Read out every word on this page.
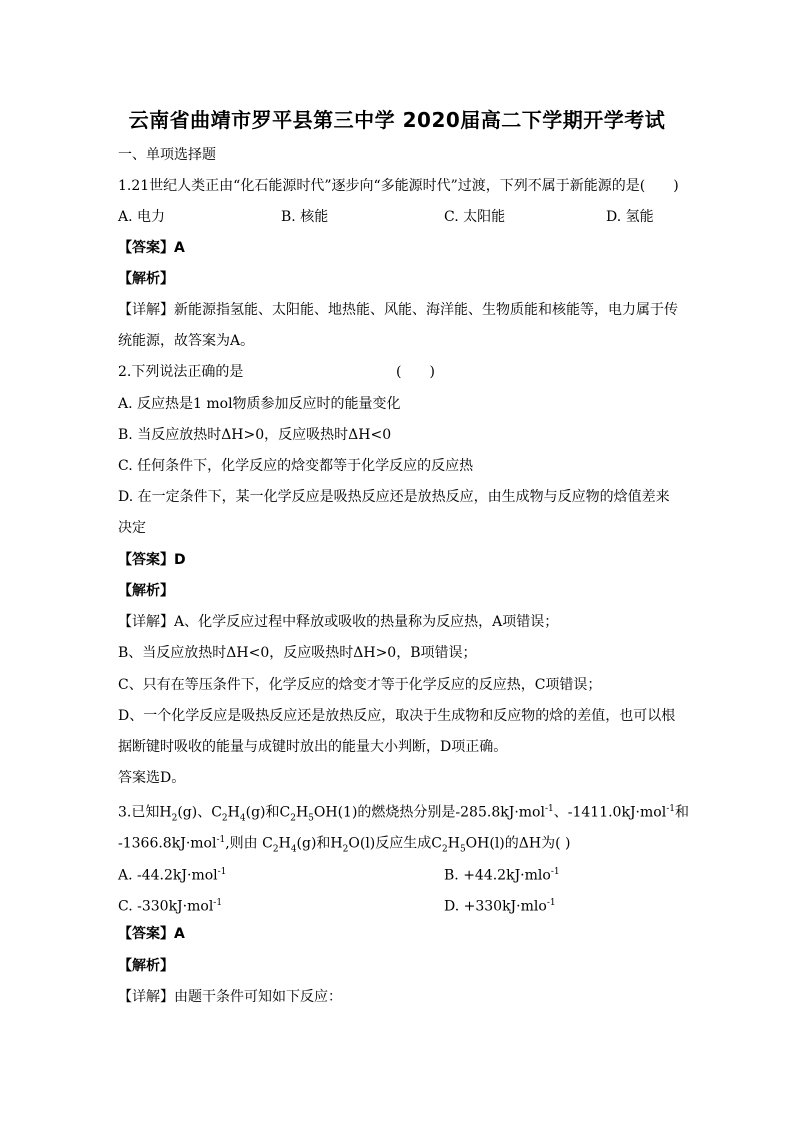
云南省曲靖市罗平县第三中学 2020届高二下学期开学考试
一、单项选择题
1.21世纪人类正由“化石能源时代”逐步向“多能源时代”过渡，下列不属于新能源的是(　　)
A. 电力	B. 核能	C. 太阳能	D. 氢能
【答案】A
【解析】
【详解】新能源指氢能、太阳能、地热能、风能、海洋能、生物质能和核能等，电力属于传
统能源，故答案为A。
2.下列说法正确的是	(　　)
A. 反应热是1 mol物质参加反应时的能量变化
B. 当反应放热时ΔH>0，反应吸热时ΔH<0
C. 任何条件下，化学反应的焓变都等于化学反应的反应热
D. 在一定条件下，某一化学反应是吸热反应还是放热反应，由生成物与反应物的焓值差来
决定
【答案】D
【解析】
【详解】A、化学反应过程中释放或吸收的热量称为反应热，A项错误；
B、当反应放热时ΔH<0，反应吸热时ΔH>0，B项错误；
C、只有在等压条件下，化学反应的焓变才等于化学反应的反应热，C项错误；
D、一个化学反应是吸热反应还是放热反应，取决于生成物和反应物的焓的差值，也可以根
据断键时吸收的能量与成键时放出的能量大小判断，D项正确。
答案选D。
3.已知$H_2(g)$、$C_2H_4(g)$和$C_2H_5OH(1)$的燃烧热分别是-285.8kJ·mol$^{-1}$、-1411.0kJ·mol$^{-1}$和
-1366.8kJ·mol$^{-1}$,则由 $C_2H_4(g)$和$H_2O(l)$反应生成$C_2H_5OH(l)$的ΔH为( )
A. -44.2kJ·mol$^{-1}$	B. +44.2kJ·mlo$^{-1}$
C. -330kJ·mol$^{-1}$	D. +330kJ·mlo$^{-1}$
【答案】A
【解析】
【详解】由题干条件可知如下反应：
